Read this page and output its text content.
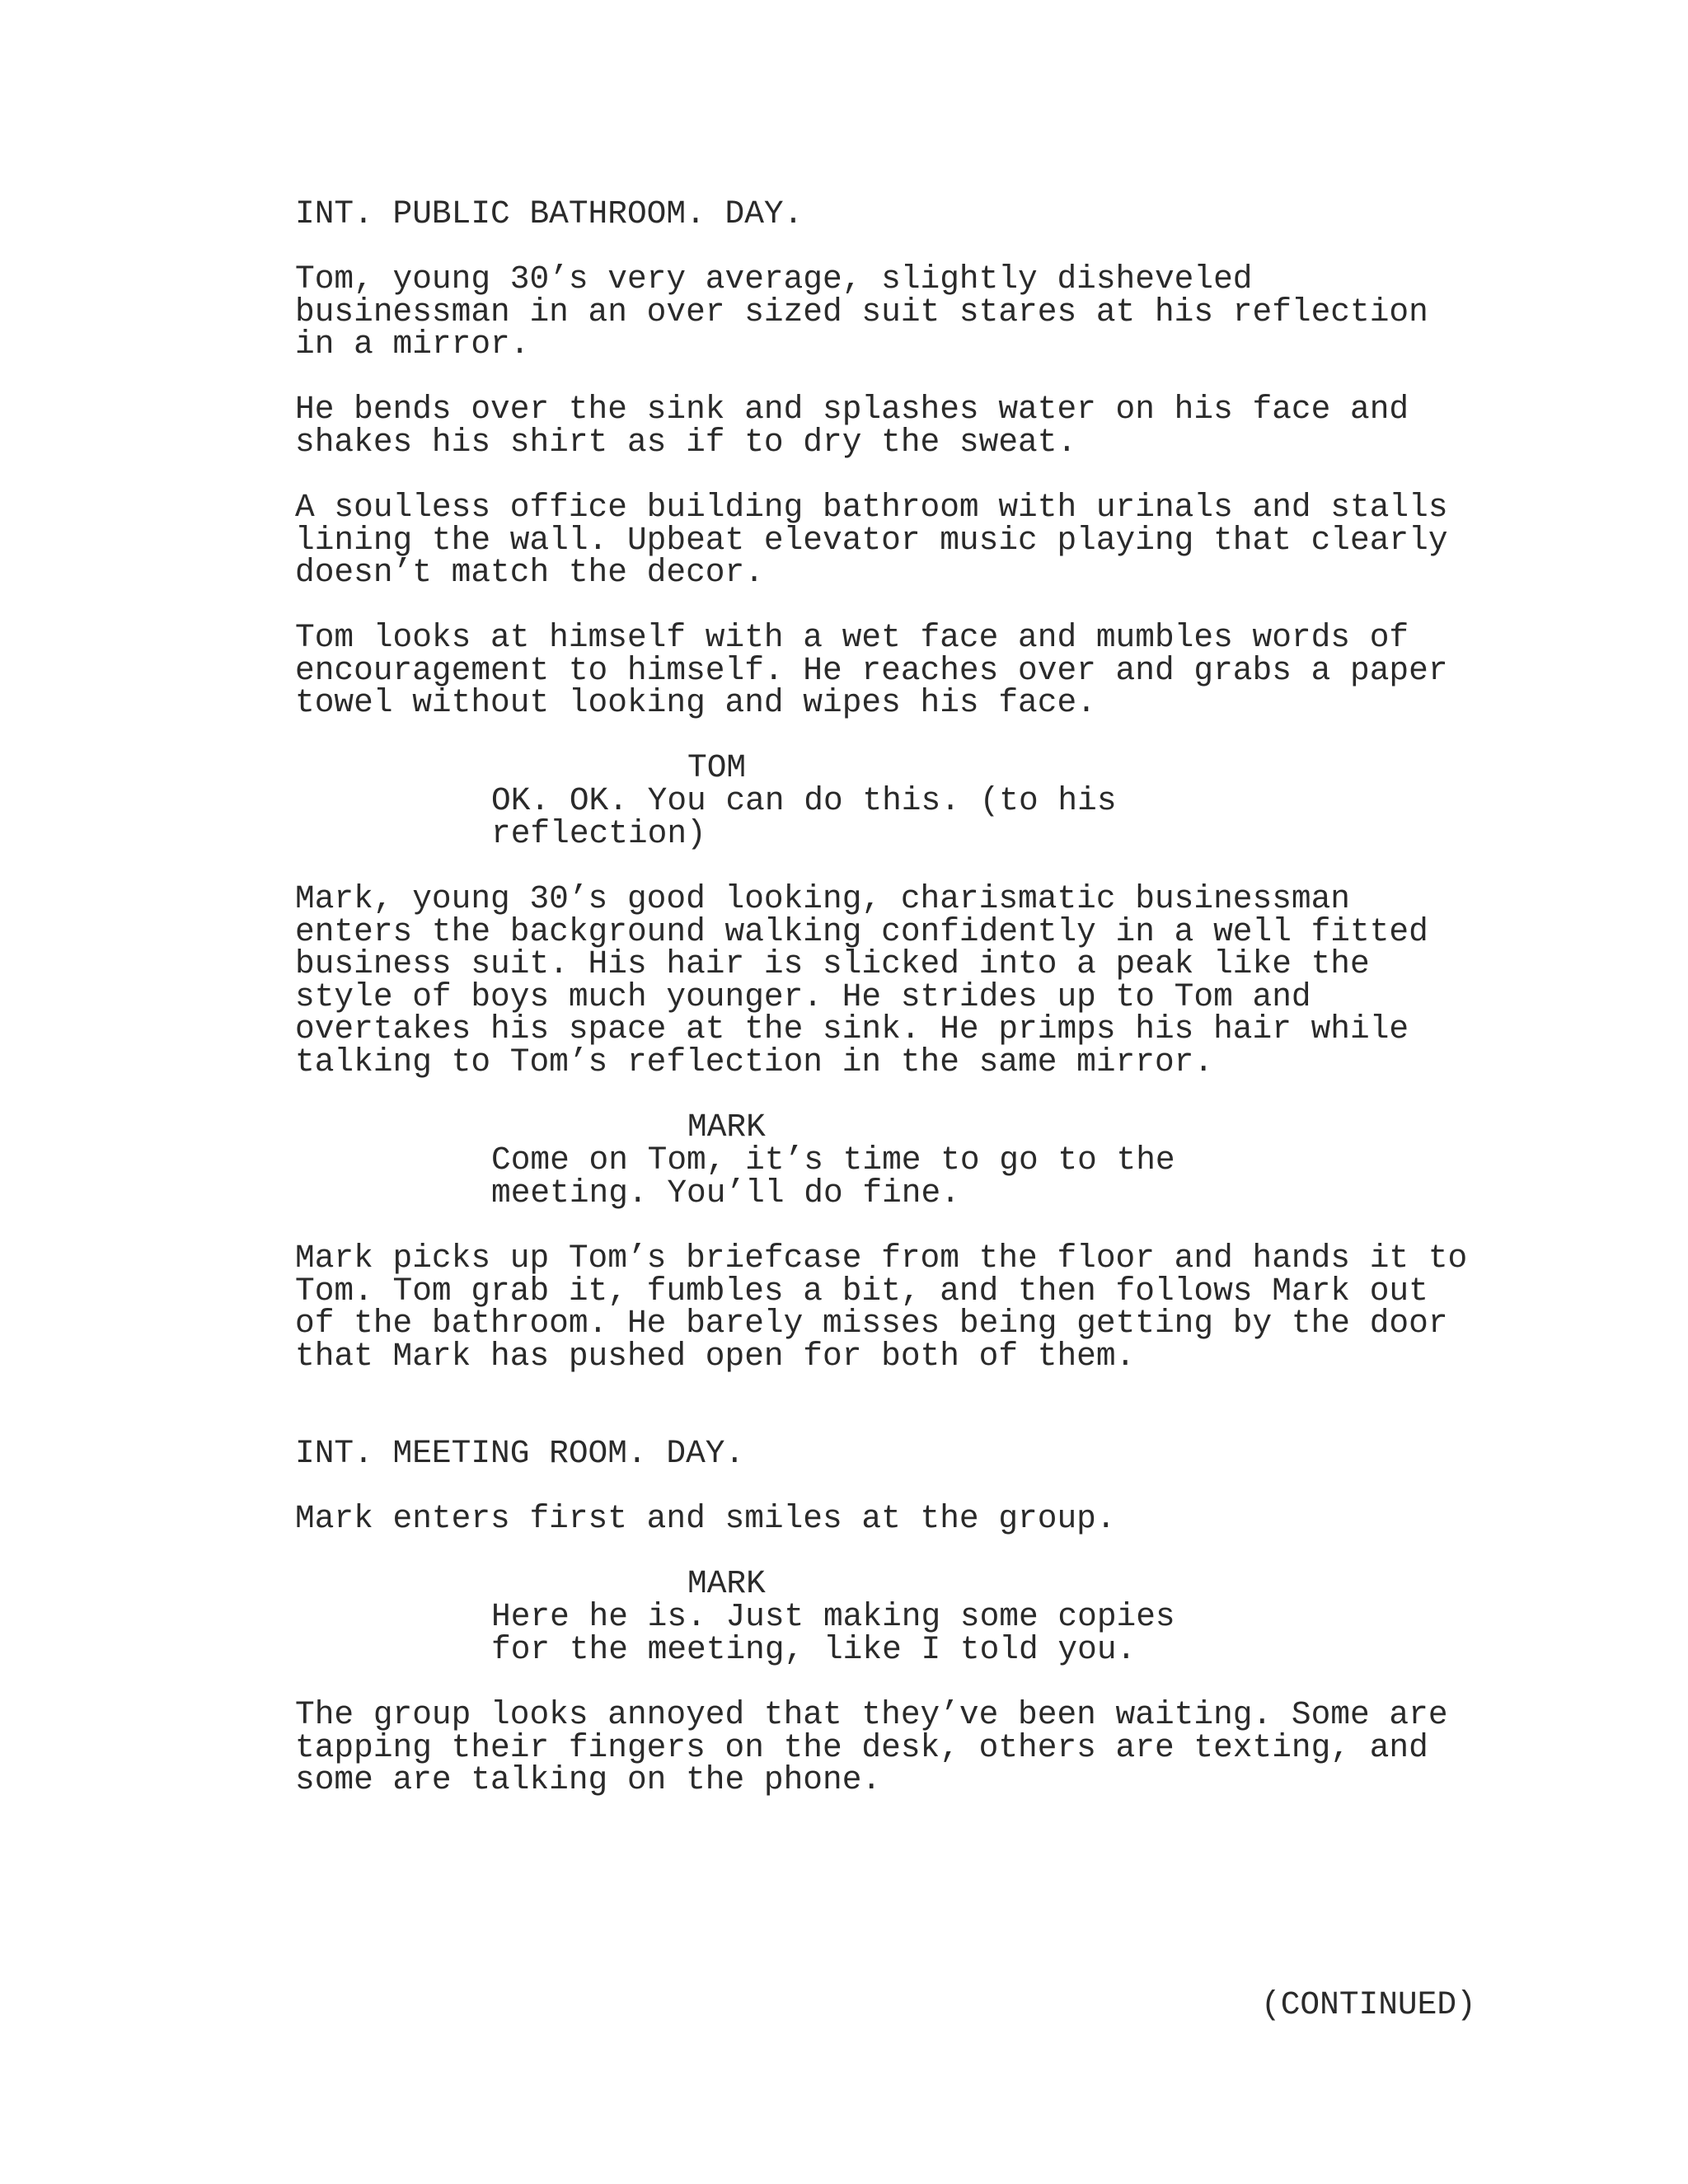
INT. PUBLIC BATHROOM. DAY.
Tom, young 30’s very average, slightly disheveled
businessman in an over sized suit stares at his reflection
in a mirror.
He bends over the sink and splashes water on his face and
shakes his shirt as if to dry the sweat.
A soulless office building bathroom with urinals and stalls
lining the wall. Upbeat elevator music playing that clearly
doesn’t match the decor.
Tom looks at himself with a wet face and mumbles words of
encouragement to himself. He reaches over and grabs a paper
towel without looking and wipes his face.
TOM
OK. OK. You can do this. (to his
reflection)
Mark, young 30’s good looking, charismatic businessman
enters the background walking confidently in a well fitted
business suit. His hair is slicked into a peak like the
style of boys much younger. He strides up to Tom and
overtakes his space at the sink. He primps his hair while
talking to Tom’s reflection in the same mirror.
MARK
Come on Tom, it’s time to go to the
meeting. You’ll do fine.
Mark picks up Tom’s briefcase from the floor and hands it to
Tom. Tom grab it, fumbles a bit, and then follows Mark out
of the bathroom. He barely misses being getting by the door
that Mark has pushed open for both of them.
INT. MEETING ROOM. DAY.
Mark enters first and smiles at the group.
MARK
Here he is. Just making some copies
for the meeting, like I told you.
The group looks annoyed that they’ve been waiting. Some are
tapping their fingers on the desk, others are texting, and
some are talking on the phone.
(CONTINUED)
